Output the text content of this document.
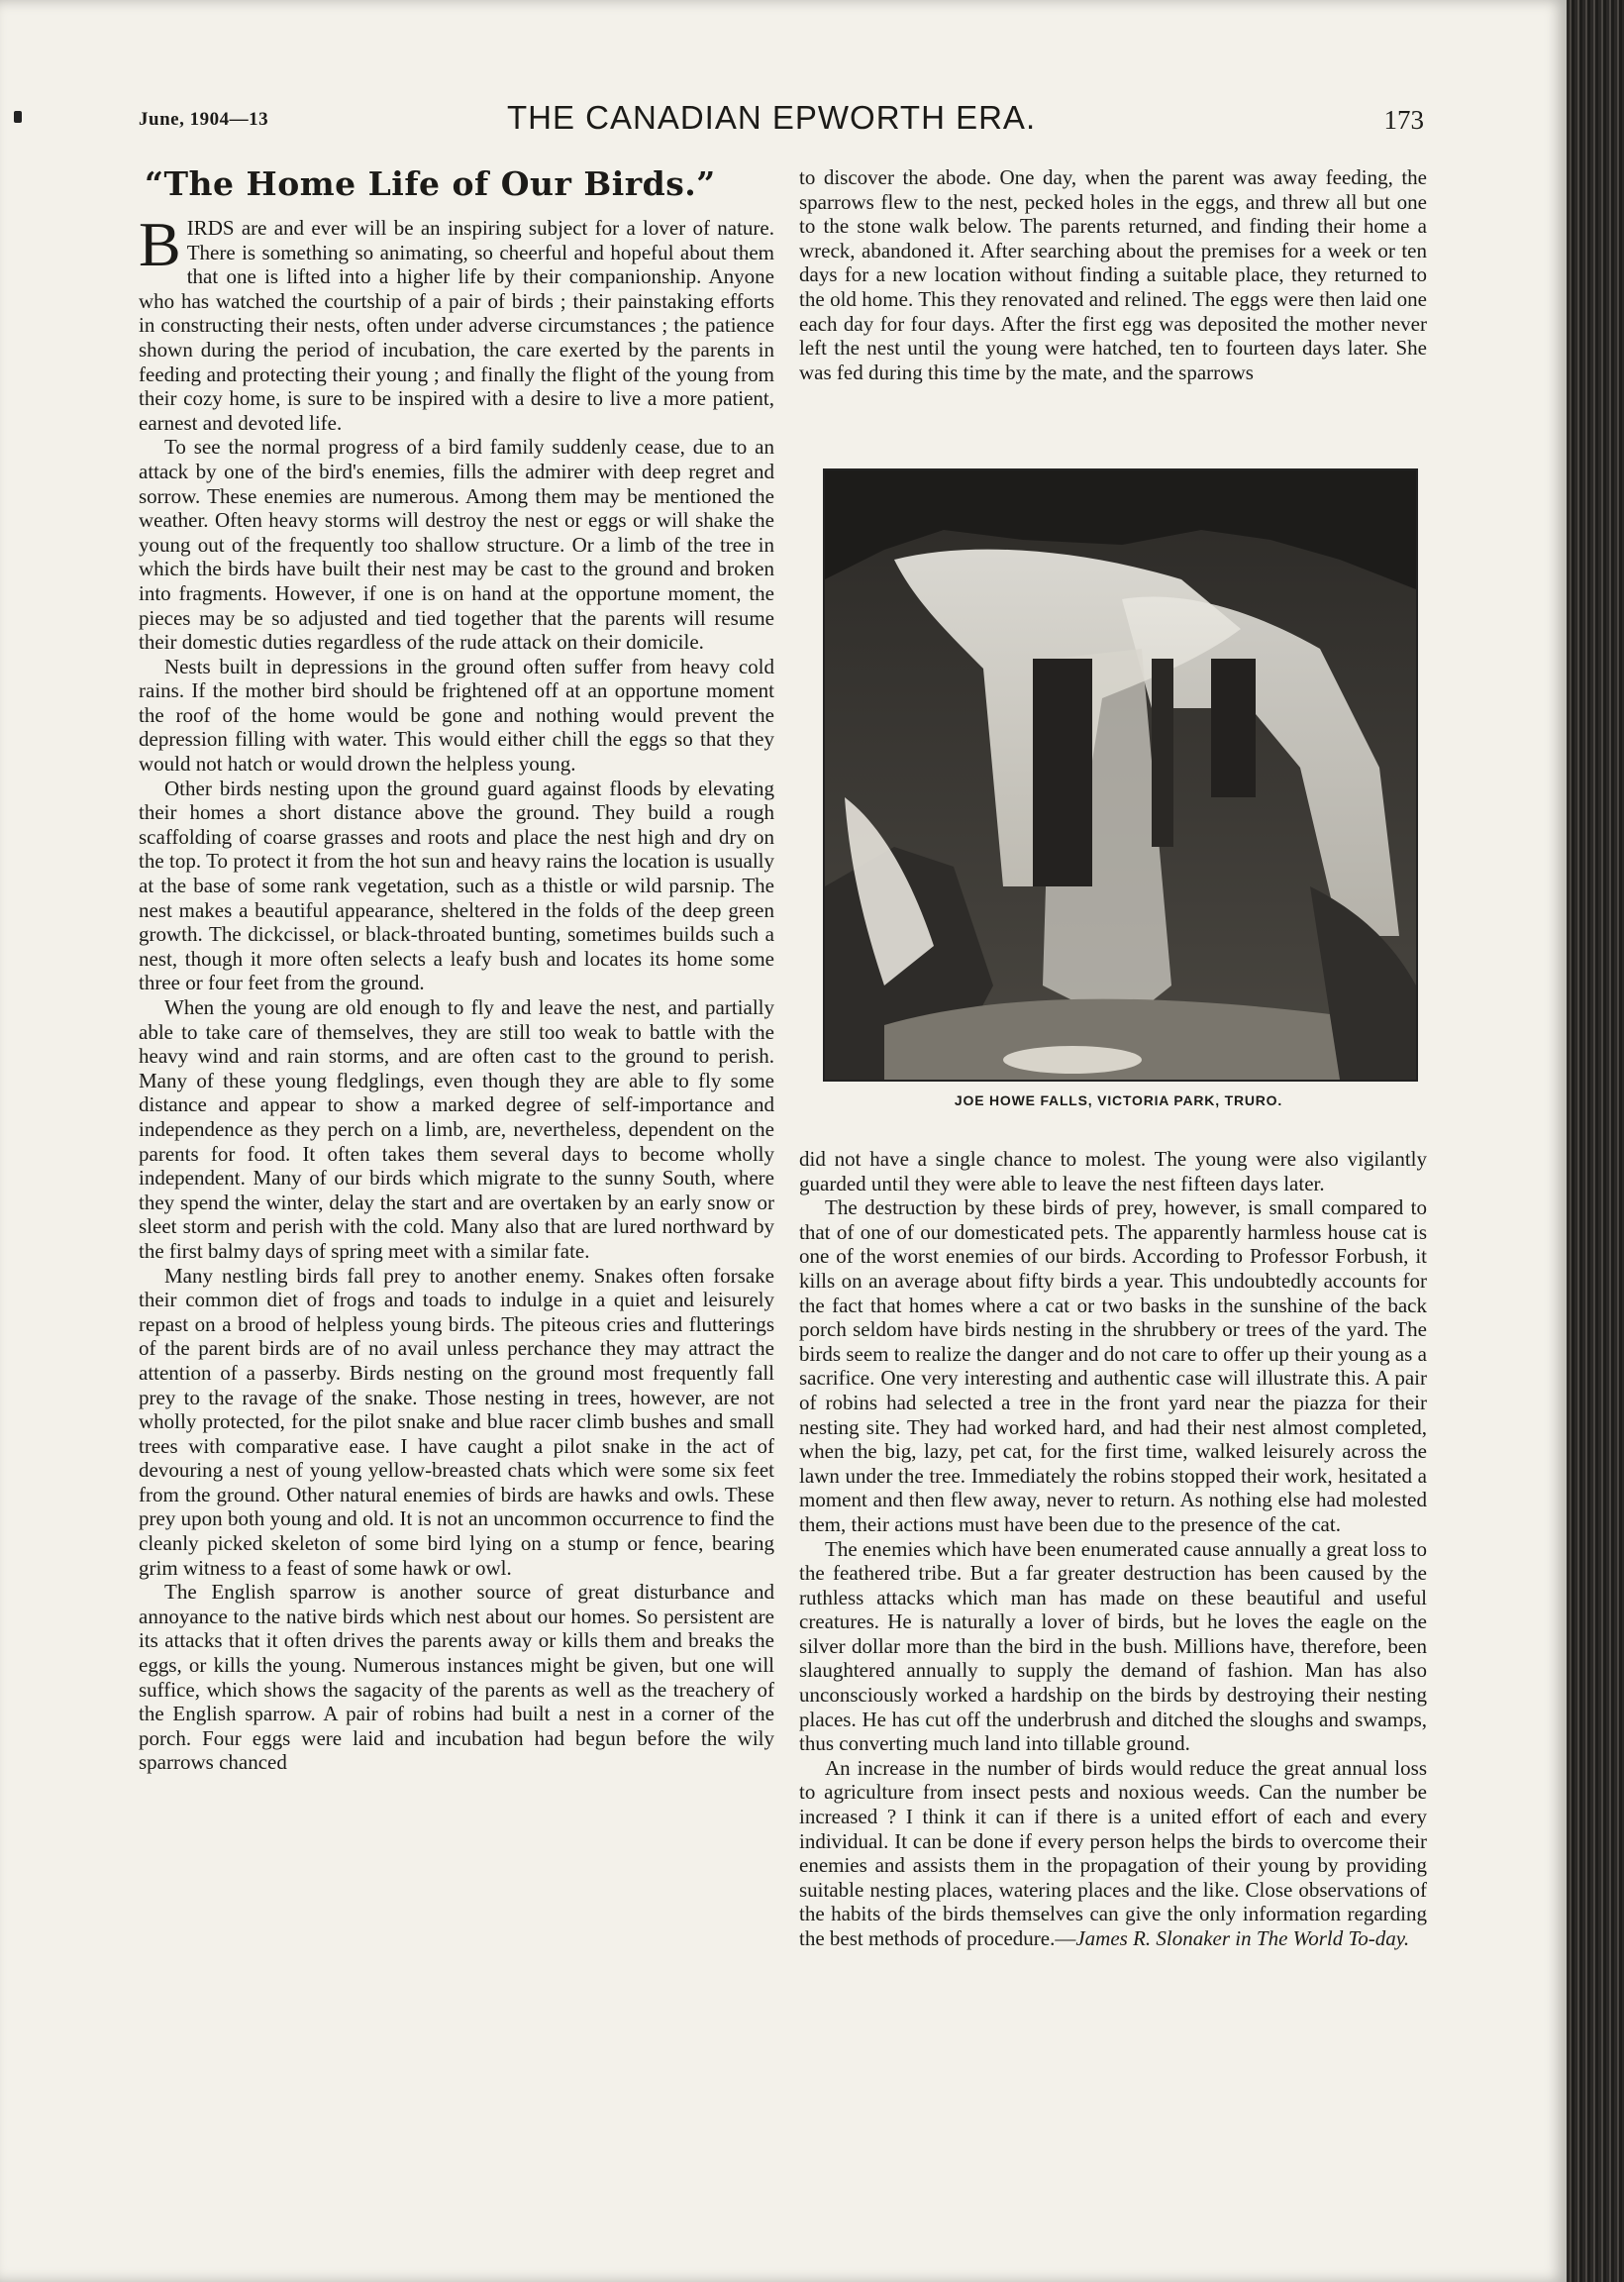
June, 1904—13	THE CANADIAN EPWORTH ERA.	173
“The Home Life of Our Birds.”

BIRDS are and ever will be an inspiring subject for a lover of nature. There is something so animating, so cheerful and hopeful about them that one is lifted into a higher life by their companionship. Anyone who has watched the courtship of a pair of birds ; their painstaking efforts in constructing their nests, often under adverse circumstances ; the patience shown during the period of incubation, the care exerted by the parents in feeding and protecting their young ; and finally the flight of the young from their cozy home, is sure to be inspired with a desire to live a more patient, earnest and devoted life.

To see the normal progress of a bird family suddenly cease, due to an attack by one of the bird's enemies, fills the admirer with deep regret and sorrow. These enemies are numerous. Among them may be mentioned the weather. Often heavy storms will destroy the nest or eggs or will shake the young out of the frequently too shallow structure. Or a limb of the tree in which the birds have built their nest may be cast to the ground and broken into fragments. However, if one is on hand at the opportune moment, the pieces may be so adjusted and tied together that the parents will resume their domestic duties regardless of the rude attack on their domicile.

Nests built in depressions in the ground often suffer from heavy cold rains. If the mother bird should be frightened off at an opportune moment the roof of the home would be gone and nothing would prevent the depression filling with water. This would either chill the eggs so that they would not hatch or would drown the helpless young.

Other birds nesting upon the ground guard against floods by elevating their homes a short distance above the ground. They build a rough scaffolding of coarse grasses and roots and place the nest high and dry on the top. To protect it from the hot sun and heavy rains the location is usually at the base of some rank vegetation, such as a thistle or wild parsnip. The nest makes a beautiful appearance, sheltered in the folds of the deep green growth. The dickcissel, or black-throated bunting, sometimes builds such a nest, though it more often selects a leafy bush and locates its home some three or four feet from the ground.

When the young are old enough to fly and leave the nest, and partially able to take care of themselves, they are still too weak to battle with the heavy wind and rain storms, and are often cast to the ground to perish. Many of these young fledglings, even though they are able to fly some distance and appear to show a marked degree of self-importance and independence as they perch on a limb, are, nevertheless, dependent on the parents for food. It often takes them several days to become wholly independent. Many of our birds which migrate to the sunny South, where they spend the winter, delay the start and are overtaken by an early snow or sleet storm and perish with the cold. Many also that are lured northward by the first balmy days of spring meet with a similar fate.

Many nestling birds fall prey to another enemy. Snakes often forsake their common diet of frogs and toads to indulge in a quiet and leisurely repast on a brood of helpless young birds. The piteous cries and flutterings of the parent birds are of no avail unless perchance they may attract the attention of a passerby. Birds nesting on the ground most frequently fall prey to the ravage of the snake. Those nesting in trees, however, are not wholly protected, for the pilot snake and blue racer climb bushes and small trees with comparative ease. I have caught a pilot snake in the act of devouring a nest of young yellow-breasted chats which were some six feet from the ground. Other natural enemies of birds are hawks and owls. These prey upon both young and old. It is not an uncommon occurrence to find the cleanly picked skeleton of some bird lying on a stump or fence, bearing grim witness to a feast of some hawk or owl.

The English sparrow is another source of great disturbance and annoyance to the native birds which nest about our homes. So persistent are its attacks that it often drives the parents away or kills them and breaks the eggs, or kills the young. Numerous instances might be given, but one will suffice, which shows the sagacity of the parents as well as the treachery of the English sparrow. A pair of robins had built a nest in a corner of the porch. Four eggs were laid and incubation had begun before the wily sparrows chanced

to discover the abode. One day, when the parent was away feeding, the sparrows flew to the nest, pecked holes in the eggs, and threw all but one to the stone walk below. The parents returned, and finding their home a wreck, abandoned it. After searching about the premises for a week or ten days for a new location without finding a suitable place, they returned to the old home. This they renovated and relined. The eggs were then laid one each day for four days. After the first egg was deposited the mother never left the nest until the young were hatched, ten to fourteen days later. She was fed during this time by the mate, and the sparrows

JOE HOWE FALLS, VICTORIA PARK, TRURO.

did not have a single chance to molest. The young were also vigilantly guarded until they were able to leave the nest fifteen days later.

The destruction by these birds of prey, however, is small compared to that of one of our domesticated pets. The apparently harmless house cat is one of the worst enemies of our birds. According to Professor Forbush, it kills on an average about fifty birds a year. This undoubtedly accounts for the fact that homes where a cat or two basks in the sunshine of the back porch seldom have birds nesting in the shrubbery or trees of the yard. The birds seem to realize the danger and do not care to offer up their young as a sacrifice. One very interesting and authentic case will illustrate this. A pair of robins had selected a tree in the front yard near the piazza for their nesting site. They had worked hard, and had their nest almost completed, when the big, lazy, pet cat, for the first time, walked leisurely across the lawn under the tree. Immediately the robins stopped their work, hesitated a moment and then flew away, never to return. As nothing else had molested them, their actions must have been due to the presence of the cat.

The enemies which have been enumerated cause annually a great loss to the feathered tribe. But a far greater destruction has been caused by the ruthless attacks which man has made on these beautiful and useful creatures. He is naturally a lover of birds, but he loves the eagle on the silver dollar more than the bird in the bush. Millions have, therefore, been slaughtered annually to supply the demand of fashion. Man has also unconsciously worked a hardship on the birds by destroying their nesting places. He has cut off the underbrush and ditched the sloughs and swamps, thus converting much land into tillable ground.

An increase in the number of birds would reduce the great annual loss to agriculture from insect pests and noxious weeds. Can the number be increased ? I think it can if there is a united effort of each and every individual. It can be done if every person helps the birds to overcome their enemies and assists them in the propagation of their young by providing suitable nesting places, watering places and the like. Close observations of the habits of the birds themselves can give the only information regarding the best methods of procedure.—James R. Slonaker in The World To-day.
